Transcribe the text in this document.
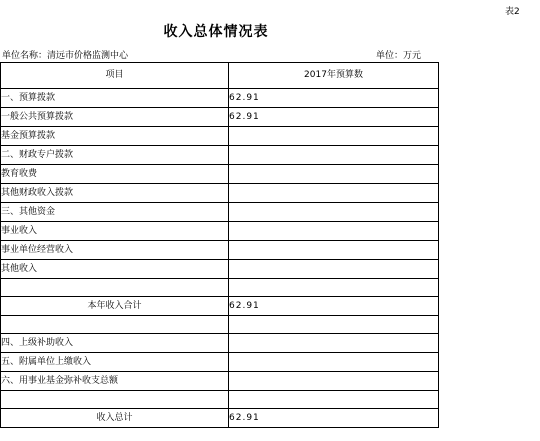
表2
收入总体情况表
单位名称：清远市价格监测中心	单位：万元
项目	2017年预算数
一、预算拨款	62.91
一般公共预算拨款	62.91
基金预算拨款	
二、财政专户拨款	
教育收费	
其他财政收入拨款	
三、其他资金	
事业收入	
事业单位经营收入	
其他收入	

本年收入合计	62.91

四、上级补助收入	
五、附属单位上缴收入	
六、用事业基金弥补收支总额	

收入总计	62.91
